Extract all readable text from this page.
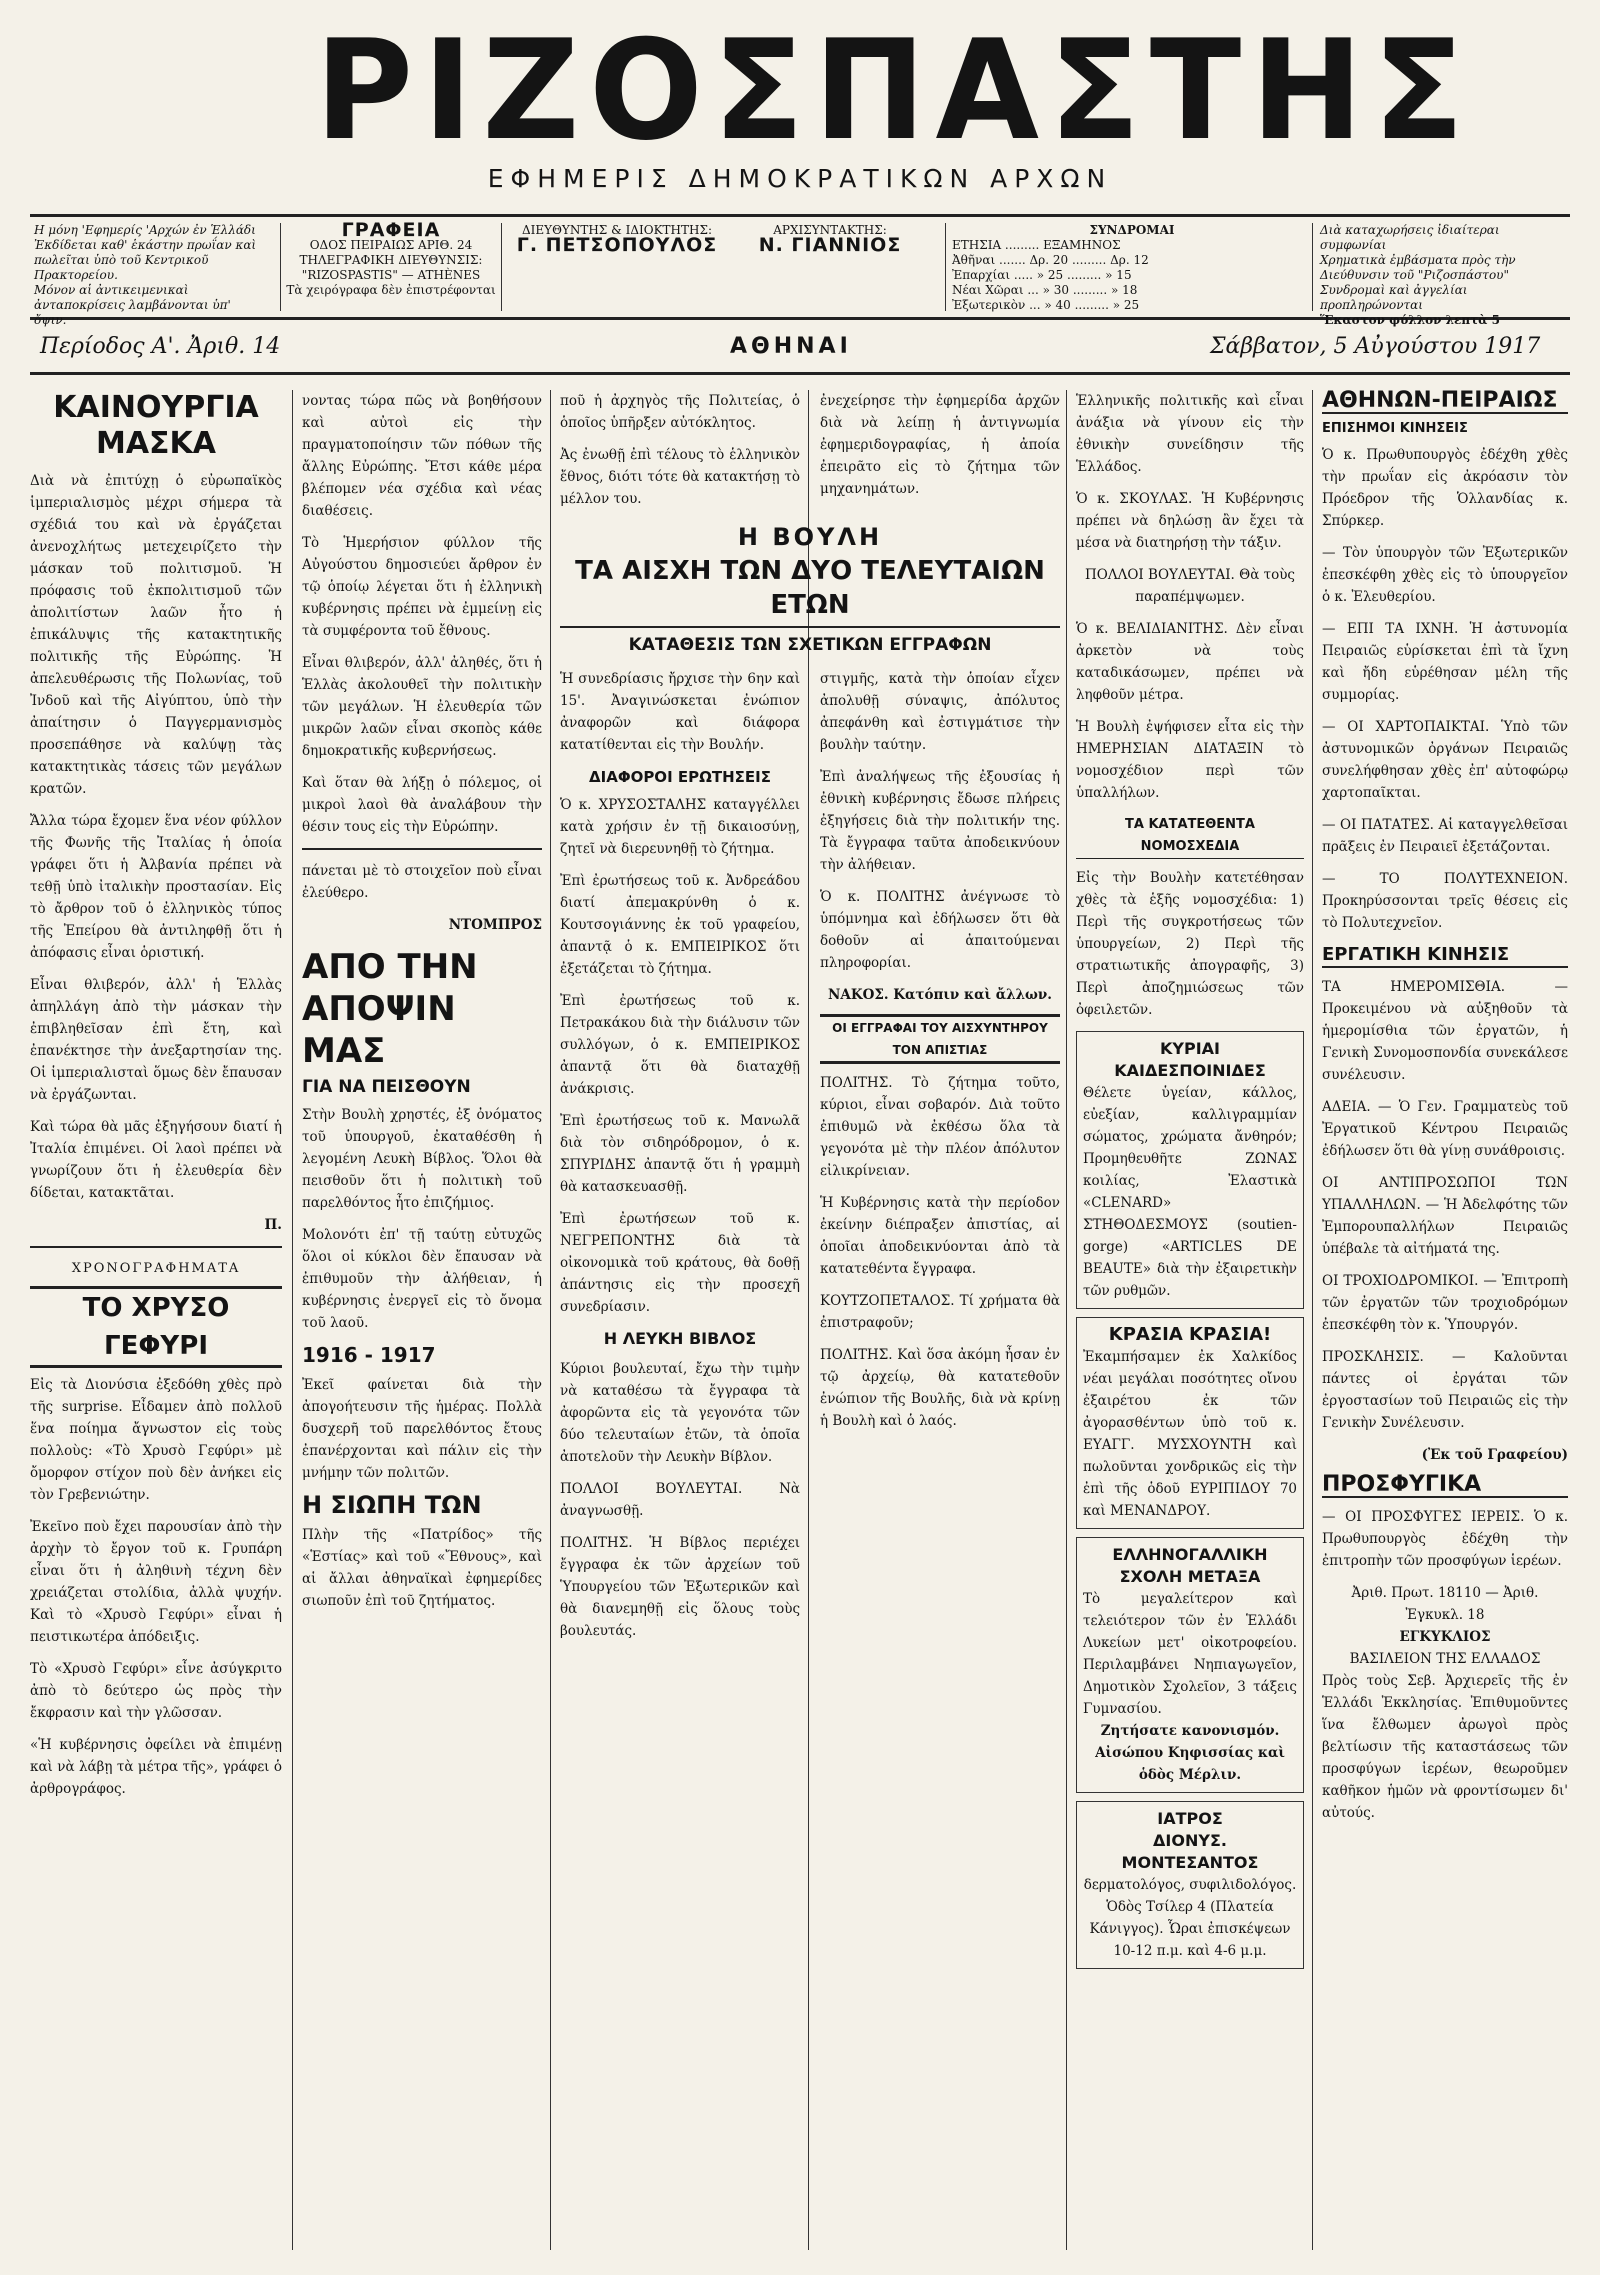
ΡΙΖΟΣΠΑΣΤΗΣ
ΕΦΗΜΕΡΙΣ ΔΗΜΟΚΡΑΤΙΚΩΝ ΑΡΧΩΝ
Η μόνη 'Εφημερίς 'Αρχών ἐν Ἑλλάδι
Ἐκδίδεται καθ' ἑκάστην πρωΐαν καὶ πωλεῖται ὑπὸ τοῦ Κεντρικοῦ Πρακτορείου.
Μόνον αἱ ἀντικειμενικαὶ ἀνταποκρίσεις λαμβάνονται ὑπ' ὄψιν.
ΓΡΑΦΕΙΑ
ΟΔΟΣ ΠΕΙΡΑΙΩΣ ΑΡΙΘ. 24
ΤΗΛΕΓΡΑΦΙΚΗ ΔΙΕΥΘΥΝΣΙΣ:
"RIZOSPASTIS" — ATHÈNES
Τὰ χειρόγραφα δὲν ἐπιστρέφονται
ΔΙΕΥΘΥΝΤΗΣ & ΙΔΙΟΚΤΗΤΗΣ:
Γ. ΠΕΤΣΟΠΟΥΛΟΣ
ΑΡΧΙΣΥΝΤΑΚΤΗΣ:
Ν. ΓΙΑΝΝΙΟΣ
ΣΥΝΔΡΟΜΑΙ
ΕΤΗΣΙΑ ......... ΕΞΑΜΗΝΟΣ
Ἀθῆναι ....... Δρ. 20 ......... Δρ. 12
Ἐπαρχίαι ..... » 25 ......... » 15
Νέαι Χῶραι ... » 30 ......... » 18
Ἐξωτερικὸν ... » 40 ......... » 25
Διὰ καταχωρήσεις ἰδιαίτεραι συμφωνίαι
Χρηματικὰ ἐμβάσματα πρὸς τὴν Διεύθυνσιν τοῦ "Ριζοσπάστου"
Συνδρομαὶ καὶ ἀγγελίαι προπληρώνονται
Ἕκαστον φύλλον λεπτὰ 5
Περίοδος Α'. Ἀριθ. 14	ΑΘΗΝΑΙ	Σάββατον, 5 Αὐγούστου 1917
ΚΑΙΝΟΥΡΓΙΑ ΜΑΣΚΑ

Διὰ νὰ ἐπιτύχῃ ὁ εὐρωπαϊκὸς ἱμπεριαλισμὸς μέχρι σήμερα τὰ σχέδιά του καὶ νὰ ἐργάζεται ἀνενοχλήτως μετεχειρίζετο τὴν μάσκαν τοῦ πολιτισμοῦ. Ἡ πρόφασις τοῦ ἐκπολιτισμοῦ τῶν ἀπολιτίστων λαῶν ἦτο ἡ ἐπικάλυψις τῆς κατακτητικῆς πολιτικῆς τῆς Εὐρώπης. Ἡ ἀπελευθέρωσις τῆς Πολωνίας, τοῦ Ἰνδοῦ καὶ τῆς Αἰγύπτου, ὑπὸ τὴν ἀπαίτησιν ὁ Παγγερμανισμὸς προσεπάθησε νὰ καλύψῃ τὰς κατακτητικὰς τάσεις τῶν μεγάλων κρατῶν.

Ἄλλα τώρα ἔχομεν ἕνα νέον φύλλον τῆς Φωνῆς τῆς Ἰταλίας ἡ ὁποία γράφει ὅτι ἡ Ἀλβανία πρέπει νὰ τεθῇ ὑπὸ ἰταλικὴν προστασίαν. Εἰς τὸ ἄρθρον τοῦ ὁ ἐλληνικὸς τύπος τῆς Ἐπείρου θὰ ἀντιληφθῇ ὅτι ἡ ἀπόφασις εἶναι ὁριστική.

Εἶναι θλιβερόν, ἀλλ' ἡ Ἑλλὰς ἀπηλλάγη ἀπὸ τὴν μάσκαν τὴν ἐπιβληθεῖσαν ἐπὶ ἔτη, καὶ ἐπανέκτησε τὴν ἀνεξαρτησίαν της. Οἱ ἱμπεριαλισταὶ ὅμως δὲν ἔπαυσαν νὰ ἐργάζωνται.

Καὶ τώρα θὰ μᾶς ἐξηγήσουν διατί ἡ Ἰταλία ἐπιμένει. Οἱ λαοὶ πρέπει νὰ γνωρίζουν ὅτι ἡ ἐλευθερία δὲν δίδεται, κατακτᾶται.

Π.
ΧΡΟΝΟΓΡΑΦΗΜΑΤΑ
ΤΟ ΧΡΥΣΟ ΓΕΦΥΡΙ

Εἰς τὰ Διονύσια ἐξεδόθη χθὲς πρὸ τῆς surprise. Εἶδαμεν ἀπὸ πολλοῦ ἕνα ποίημα ἄγνωστον εἰς τοὺς πολλοὺς: «Τὸ Χρυσὸ Γεφύρι» μὲ ὄμορφον στίχον ποὺ δὲν ἀνήκει εἰς τὸν Γρεβενιώτην.

Ἐκεῖνο ποὺ ἔχει παρουσίαν ἀπὸ τὴν ἀρχὴν τὸ ἔργον τοῦ κ. Γρυπάρη εἶναι ὅτι ἡ ἀληθινὴ τέχνη δὲν χρειάζεται στολίδια, ἀλλὰ ψυχήν. Καὶ τὸ «Χρυσὸ Γεφύρι» εἶναι ἡ πειστικωτέρα ἀπόδειξις.

Τὸ «Χρυσὸ Γεφύρι» εἶνε ἀσύγκριτο ἀπὸ τὸ δεύτερο ὡς πρὸς τὴν ἔκφρασιν καὶ τὴν γλῶσσαν.

«Ἡ κυβέρνησις ὀφείλει νὰ ἐπιμένῃ καὶ νὰ λάβῃ τὰ μέτρα τῆς», γράφει ὁ ἀρθρογράφος.

νοντας τώρα πῶς νὰ βοηθήσουν καὶ αὐτοὶ εἰς τὴν πραγματοποίησιν τῶν πόθων τῆς ἄλλης Εὐρώπης. Ἔτσι κάθε μέρα βλέπομεν νέα σχέδια καὶ νέας διαθέσεις.

Τὸ Ἡμερήσιον φύλλον τῆς Αὐγούστου δημοσιεύει ἄρθρον ἐν τῷ ὁποίῳ λέγεται ὅτι ἡ ἐλληνικὴ κυβέρνησις πρέπει νὰ ἐμμείνῃ εἰς τὰ συμφέροντα τοῦ ἔθνους.

Εἶναι θλιβερόν, ἀλλ' ἀληθές, ὅτι ἡ Ἑλλὰς ἀκολουθεῖ τὴν πολιτικὴν τῶν μεγάλων. Ἡ ἐλευθερία τῶν μικρῶν λαῶν εἶναι σκοπὸς κάθε δημοκρατικῆς κυβερνήσεως.

Καὶ ὅταν θὰ λήξῃ ὁ πόλεμος, οἱ μικροὶ λαοὶ θὰ ἀναλάβουν τὴν θέσιν τους εἰς τὴν Εὐρώπην.

πάνεται μὲ τὸ στοιχεῖον ποὺ εἶναι ἐλεύθερο.

ΝΤΟΜΠΡΟΣ
ΑΠΟ ΤΗΝ ΑΠΟΨΙΝ ΜΑΣ
ΓΙΑ ΝΑ ΠΕΙΣΘΟΥΝ

Στὴν Βουλὴ χρηστές, ἐξ ὀνόματος τοῦ ὑπουργοῦ, ἐκαταθέσθη ἡ λεγομένη Λευκὴ Βίβλος. Ὅλοι θὰ πεισθοῦν ὅτι ἡ πολιτικὴ τοῦ παρελθόντος ἦτο ἐπιζήμιος.

Μολονότι ἐπ' τῇ ταύτῃ εὐτυχῶς ὅλοι οἱ κύκλοι δὲν ἔπαυσαν νὰ ἐπιθυμοῦν τὴν ἀλήθειαν, ἡ κυβέρνησις ἐνεργεῖ εἰς τὸ ὄνομα τοῦ λαοῦ.

1916 - 1917

Ἐκεῖ φαίνεται διὰ τὴν ἀπογοήτευσιν τῆς ἡμέρας. Πολλὰ δυσχερῆ τοῦ παρελθόντος ἔτους ἐπανέρχονται καὶ πάλιν εἰς τὴν μνήμην τῶν πολιτῶν.

Η ΣΙΩΠΗ ΤΩΝ

Πλὴν τῆς «Πατρίδος» τῆς «Ἑστίας» καὶ τοῦ «Ἔθνους», καὶ αἱ ἄλλαι ἀθηναϊκαὶ ἐφημερίδες σιωποῦν ἐπὶ τοῦ ζητήματος.

ποῦ ἡ ἀρχηγὸς τῆς Πολιτείας, ὁ ὁποῖος ὑπῆρξεν αὐτόκλητος.

Ἀς ἐνωθῇ ἐπὶ τέλους τὸ ἑλληνικὸν ἔθνος, διότι τότε θὰ κατακτήσῃ τὸ μέλλον του.

ἐνεχείρησε τὴν ἐφημερίδα ἀρχῶν διὰ νὰ λείπῃ ἡ ἀντιγνωμία ἐφημεριδογραφίας, ἡ ἀποία ἐπειρᾶτο εἰς τὸ ζήτημα τῶν μηχανημάτων.

Η ΒΟΥΛΗ
ΤΑ ΑΙΣΧΗ ΤΩΝ ΔΥΟ ΤΕΛΕΥΤΑΙΩΝ ΕΤΩΝ
ΚΑΤΑΘΕΣΙΣ ΤΩΝ ΣΧΕΤΙΚΩΝ ΕΓΓΡΑΦΩΝ

Ἡ συνεδρίασις ἤρχισε τὴν 6ην καὶ 15'. Ἀναγινώσκεται ἐνώπιον ἀναφορῶν καὶ διάφορα κατατίθενται εἰς τὴν Βουλήν.

ΔΙΑΦΟΡΟΙ ΕΡΩΤΗΣΕΙΣ

Ὁ κ. ΧΡΥΣΟΣΤΑΛΗΣ καταγγέλλει κατὰ χρήσιν ἐν τῇ δικαιοσύνῃ, ζητεῖ νὰ διερευνηθῇ τὸ ζήτημα.

Ἐπὶ ἐρωτήσεως τοῦ κ. Ἀνδρεάδου διατί ἀπεμακρύνθη ὁ κ. Κουτσογιάννης ἐκ τοῦ γραφείου, ἀπαντᾷ ὁ κ. ΕΜΠΕΙΡΙΚΟΣ ὅτι ἐξετάζεται τὸ ζήτημα.

Ἐπὶ ἐρωτήσεως τοῦ κ. Πετρακάκου διὰ τὴν διάλυσιν τῶν συλλόγων, ὁ κ. ΕΜΠΕΙΡΙΚΟΣ ἀπαντᾷ ὅτι θὰ διαταχθῇ ἀνάκρισις.

Ἐπὶ ἐρωτήσεως τοῦ κ. Μανωλᾶ διὰ τὸν σιδηρόδρομον, ὁ κ. ΣΠΥΡΙΔΗΣ ἀπαντᾷ ὅτι ἡ γραμμὴ θὰ κατασκευασθῇ.

Ἐπὶ ἐρωτήσεων τοῦ κ. ΝΕΓΡΕΠΟΝΤΗΣ διὰ τὰ οἰκονομικὰ τοῦ κράτους, θὰ δοθῇ ἀπάντησις εἰς τὴν προσεχῆ συνεδρίασιν.

Η ΛΕΥΚΗ ΒΙΒΛΟΣ

Κύριοι βουλευταί, ἔχω τὴν τιμὴν νὰ καταθέσω τὰ ἔγγραφα τὰ ἀφορῶντα εἰς τὰ γεγονότα τῶν δύο τελευταίων ἐτῶν, τὰ ὁποῖα ἀποτελοῦν τὴν Λευκὴν Βίβλον.

ΠΟΛΛΟΙ ΒΟΥΛΕΥΤΑΙ. Νὰ ἀναγνωσθῇ.

ΠΟΛΙΤΗΣ. Ἡ Βίβλος περιέχει ἔγγραφα ἐκ τῶν ἀρχείων τοῦ Ὑπουργείου τῶν Ἐξωτερικῶν καὶ θὰ διανεμηθῇ εἰς ὅλους τοὺς βουλευτάς.

στιγμῆς, κατὰ τὴν ὁποίαν εἶχεν ἀπολυθῇ σύναψις, ἀπόλυτος ἀπεφάνθη καὶ ἐστιγμάτισε τὴν βουλὴν ταύτην.

Ἐπὶ ἀναλήψεως τῆς ἐξουσίας ἡ ἐθνικὴ κυβέρνησις ἔδωσε πλήρεις ἐξηγήσεις διὰ τὴν πολιτικήν της. Τὰ ἔγγραφα ταῦτα ἀποδεικνύουν τὴν ἀλήθειαν.

Ὁ κ. ΠΟΛΙΤΗΣ ἀνέγνωσε τὸ ὑπόμνημα καὶ ἐδήλωσεν ὅτι θὰ δοθοῦν αἱ ἀπαιτούμεναι πληροφορίαι.

ΝΑΚΟΣ. Κατόπιν καὶ ἄλλων.
ΟΙ ΕΓΓΡΑΦΑΙ ΤΟΥ ΑΙΣΧΥΝΤΗΡΟΥ ΤΟΝ ΑΠΙΣΤΙΑΣ

ΠΟΛΙΤΗΣ. Τὸ ζήτημα τοῦτο, κύριοι, εἶναι σοβαρόν. Διὰ τοῦτο ἐπιθυμῶ νὰ ἐκθέσω ὅλα τὰ γεγονότα μὲ τὴν πλέον ἀπόλυτον εἰλικρίνειαν.

Ἡ Κυβέρνησις κατὰ τὴν περίοδον ἐκείνην διέπραξεν ἀπιστίας, αἱ ὁποῖαι ἀποδεικνύονται ἀπὸ τὰ κατατεθέντα ἔγγραφα.

ΚΟΥΤΖΟΠΕΤΑΛΟΣ. Τί χρήματα θὰ ἐπιστραφοῦν;

ΠΟΛΙΤΗΣ. Καὶ ὅσα ἀκόμη ἦσαν ἐν τῷ ἀρχείῳ, θὰ κατατεθοῦν ἐνώπιον τῆς Βουλῆς, διὰ νὰ κρίνῃ ἡ Βουλὴ καὶ ὁ λαός.

Ἑλληνικῆς πολιτικῆς καὶ εἶναι ἀνάξια νὰ γίνουν εἰς τὴν ἐθνικὴν συνείδησιν τῆς Ἑλλάδος.

Ὁ κ. ΣΚΟΥΛΑΣ. Ἡ Κυβέρνησις πρέπει νὰ δηλώσῃ ἂν ἔχει τὰ μέσα νὰ διατηρήσῃ τὴν τάξιν.

ΠΟΛΛΟΙ ΒΟΥΛΕΥΤΑΙ. Θὰ τοὺς παραπέμψωμεν.

Ὁ κ. ΒΕΛΙΔΙΑΝΙΤΗΣ. Δὲν εἶναι ἀρκετὸν νὰ τοὺς καταδικάσωμεν, πρέπει νὰ ληφθοῦν μέτρα.

Ἡ Βουλὴ ἐψήφισεν εἶτα εἰς τὴν ΗΜΕΡΗΣΙΑΝ ΔΙΑΤΑΞΙΝ τὸ νομοσχέδιον περὶ τῶν ὑπαλλήλων.

ΤΑ ΚΑΤΑΤΕΘΕΝΤΑ ΝΟΜΟΣΧΕΔΙΑ

Εἰς τὴν Βουλὴν κατετέθησαν χθὲς τὰ ἑξῆς νομοσχέδια: 1) Περὶ τῆς συγκροτήσεως τῶν ὑπουργείων, 2) Περὶ τῆς στρατιωτικῆς ἀπογραφῆς, 3) Περὶ ἀποζημιώσεως τῶν ὀφειλετῶν.

ΚΥΡΙΑΙ ΚΑΙΔΕΣΠΟΙΝΙΔΕΣ
Θέλετε ὑγείαν, κάλλος, εὐεξίαν, καλλιγραμμίαν σώματος, χρώματα ἄνθηρόν; Προμηθευθῆτε ΖΩΝΑΣ κοιλίας, Ἐλαστικὰ «CLENARD» ΣΤΗΘΟΔΕΣΜΟΥΣ (soutien-gorge) «ARTICLES DE BEAUTE» διὰ τὴν ἐξαιρετικὴν τῶν ρυθμῶν.
ΚΡΑΣΙΑ ΚΡΑΣΙΑ!
Ἐκαμπήσαμεν ἐκ Χαλκίδος νέαι μεγάλαι ποσότητες οἴνου ἐξαιρέτου ἐκ τῶν ἀγορασθέντων ὑπὸ τοῦ κ. ΕΥΑΓΓ. ΜΥΣΧΟΥΝΤΗ καὶ πωλοῦνται χονδρικῶς εἰς τὴν ἐπὶ τῆς ὁδοῦ ΕΥΡΙΠΙΔΟΥ 70 καὶ ΜΕΝΑΝΔΡΟΥ.
ΕΛΛΗΝΟΓΑΛΛΙΚΗ ΣΧΟΛΗ ΜΕΤΑΞΑ
Τὸ μεγαλείτερον καὶ τελειότερον τῶν ἐν Ἑλλάδι Λυκείων μετ' οἰκοτροφείου. Περιλαμβάνει Νηπιαγωγεῖον, Δημοτικὸν Σχολεῖον, 3 τάξεις Γυμνασίου.
Ζητήσατε κανονισμόν. Αἰσώπου Κηφισσίας καὶ ὁδὸς Μέρλιν.
ΙΑΤΡΟΣ
ΔΙΟΝΥΣ. ΜΟΝΤΕΣΑΝΤΟΣ
δερματολόγος, συφιλιδολόγος. Ὁδὸς Τσίλερ 4 (Πλατεία Κάνιγγος). Ὧραι ἐπισκέψεων 10-12 π.μ. καὶ 4-6 μ.μ.
ΑΘΗΝΩΝ-ΠΕΙΡΑΙΩΣ
ΕΠΙΣΗΜΟΙ ΚΙΝΗΣΕΙΣ

Ὁ κ. Πρωθυπουργὸς ἐδέχθη χθὲς τὴν πρωΐαν εἰς ἀκρόασιν τὸν Πρόεδρον τῆς Ὁλλανδίας κ. Σπύρκερ.

— Τὸν ὑπουργὸν τῶν Ἐξωτερικῶν ἐπεσκέφθη χθὲς εἰς τὸ ὑπουργεῖον ὁ κ. Ἐλευθερίου.

— ΕΠΙ ΤΑ ΙΧΝΗ. Ἡ ἀστυνομία Πειραιῶς εὑρίσκεται ἐπὶ τὰ ἴχνη καὶ ἤδη εὑρέθησαν μέλη τῆς συμμορίας.

— ΟΙ ΧΑΡΤΟΠΑΙΚΤΑΙ. Ὑπὸ τῶν ἀστυνομικῶν ὀργάνων Πειραιῶς συνελήφθησαν χθὲς ἐπ' αὐτοφώρῳ χαρτοπαῖκται.

— ΟΙ ΠΑΤΑΤΕΣ. Αἱ καταγγελθεῖσαι πρᾶξεις ἐν Πειραιεῖ ἐξετάζονται.

— ΤΟ ΠΟΛΥΤΕΧΝΕΙΟΝ. Προκηρύσσονται τρεῖς θέσεις εἰς τὸ Πολυτεχνεῖον.

ΕΡΓΑΤΙΚΗ ΚΙΝΗΣΙΣ

ΤΑ ΗΜΕΡΟΜΙΣΘΙΑ. — Προκειμένου νὰ αὐξηθοῦν τὰ ἡμερομίσθια τῶν ἐργατῶν, ἡ Γενικὴ Συνομοσπονδία συνεκάλεσε συνέλευσιν.

ΑΔΕΙΑ. — Ὁ Γεν. Γραμματεὺς τοῦ Ἐργατικοῦ Κέντρου Πειραιῶς ἐδήλωσεν ὅτι θὰ γίνῃ συνάθροισις.

ΟΙ ΑΝΤΙΠΡΟΣΩΠΟΙ ΤΩΝ ΥΠΑΛΛΗΛΩΝ. — Ἡ Ἀδελφότης τῶν Ἐμπορουπαλλήλων Πειραιῶς ὑπέβαλε τὰ αἰτήματά της.

ΟΙ ΤΡΟΧΙΟΔΡΟΜΙΚΟΙ. — Ἐπιτροπὴ τῶν ἐργατῶν τῶν τροχιοδρόμων ἐπεσκέφθη τὸν κ. Ὑπουργόν.

ΠΡΟΣΚΛΗΣΙΣ. — Καλοῦνται πάντες οἱ ἐργάται τῶν ἐργοστασίων τοῦ Πειραιῶς εἰς τὴν Γενικὴν Συνέλευσιν.

(Ἐκ τοῦ Γραφείου)
ΠΡΟΣΦΥΓΙΚΑ

— ΟΙ ΠΡΟΣΦΥΓΕΣ ΙΕΡΕΙΣ. Ὁ κ. Πρωθυπουργὸς ἐδέχθη τὴν ἐπιτροπὴν τῶν προσφύγων ἱερέων.

Ἀριθ. Πρωτ. 18110 — Ἀριθ. Ἐγκυκλ. 18
ΕΓΚΥΚΛΙΟΣ
ΒΑΣΙΛΕΙΟΝ ΤΗΣ ΕΛΛΑΔΟΣ

Πρὸς τοὺς Σεβ. Ἀρχιερεῖς τῆς ἐν Ἑλλάδι Ἐκκλησίας. Ἐπιθυμοῦντες ἵνα ἔλθωμεν ἀρωγοὶ πρὸς βελτίωσιν τῆς καταστάσεως τῶν προσφύγων ἱερέων, θεωροῦμεν καθῆκον ἡμῶν νὰ φροντίσωμεν δι' αὐτούς.
